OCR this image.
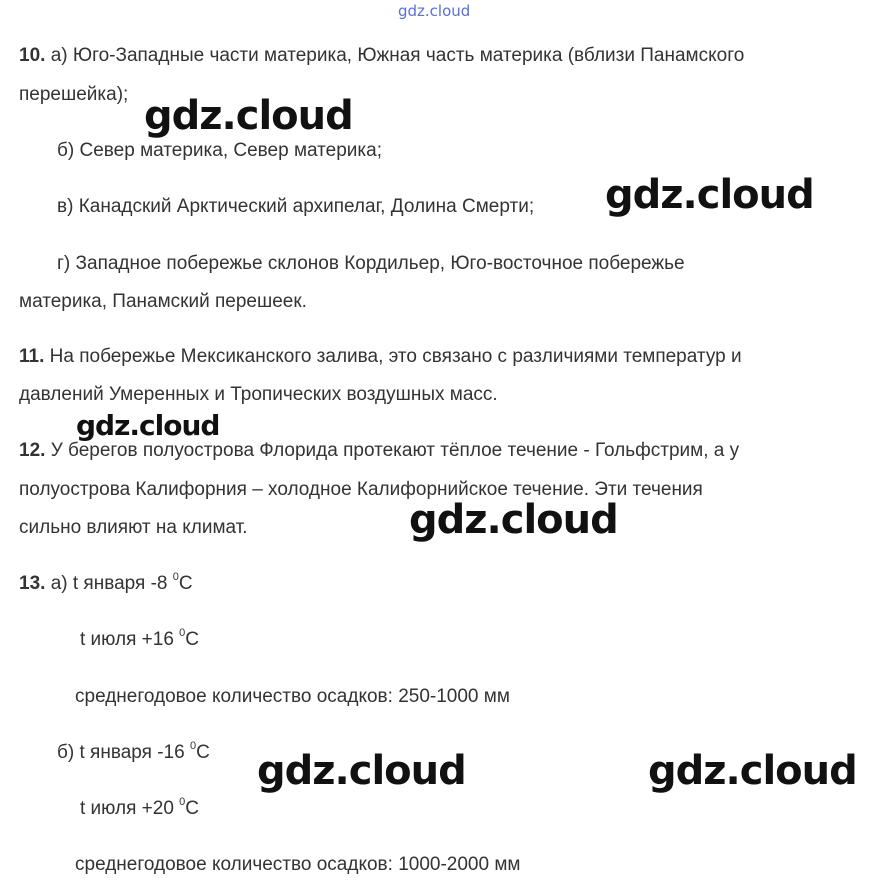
gdz.cloud
10. а) Юго-Западные части материка, Южная часть материка (вблизи Панамского
перешейка);
б) Север материка, Север материка;
в) Канадский Арктический архипелаг, Долина Смерти;
г) Западное побережье склонов Кордильер, Юго-восточное побережье
материка, Панамский перешеек.
11. На побережье Мексиканского залива, это связано с различиями температур и
давлений Умеренных и Тропических воздушных масс.
12. У берегов полуострова Флорида протекают тёплое течение - Гольфстрим, а у
полуострова Калифорния – холодное Калифорнийское течение. Эти течения
сильно влияют на климат.
13. а) t января -8 $^0$С
t июля +16 $^0$С
среднегодовое количество осадков: 250-1000 мм
б) t января -16 $^0$С
t июля +20 $^0$С
среднегодовое количество осадков: 1000-2000 мм
gdz.cloud
gdz.cloud
gdz.cloud
gdz.cloud
gdz.cloud	gdz.cloud
